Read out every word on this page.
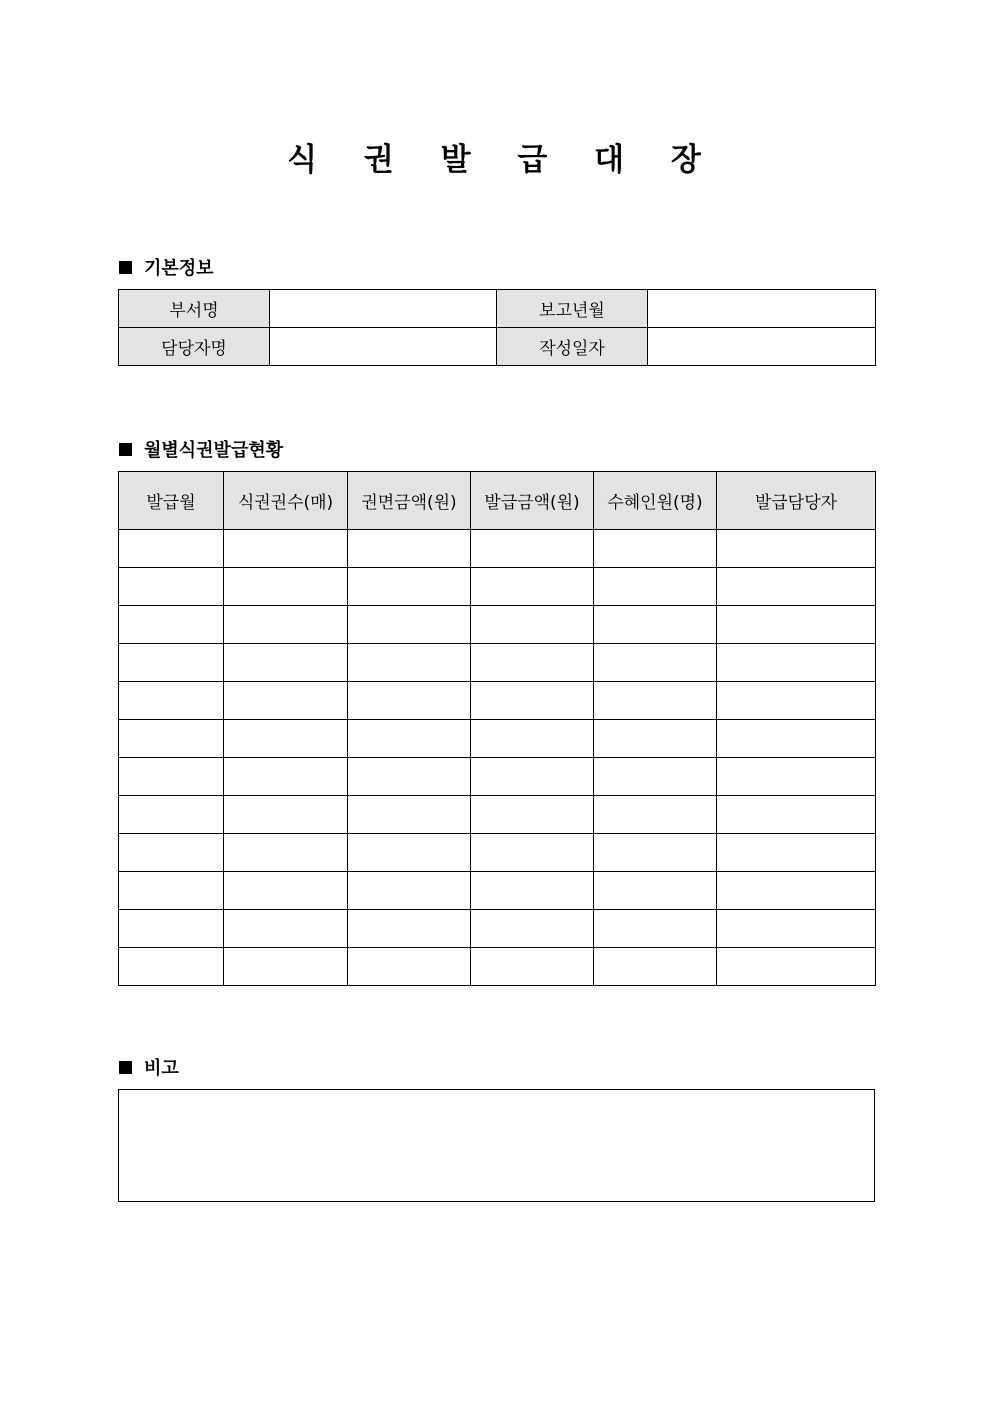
식 권 발 급 대 장
기본정보
부서명		보고년월	
담당자명		작성일자	
월별식권발급현황
발급월	식권권수(매)	권면금액(원)	발급금액(원)	수혜인원(명)	발급담당자

비고
